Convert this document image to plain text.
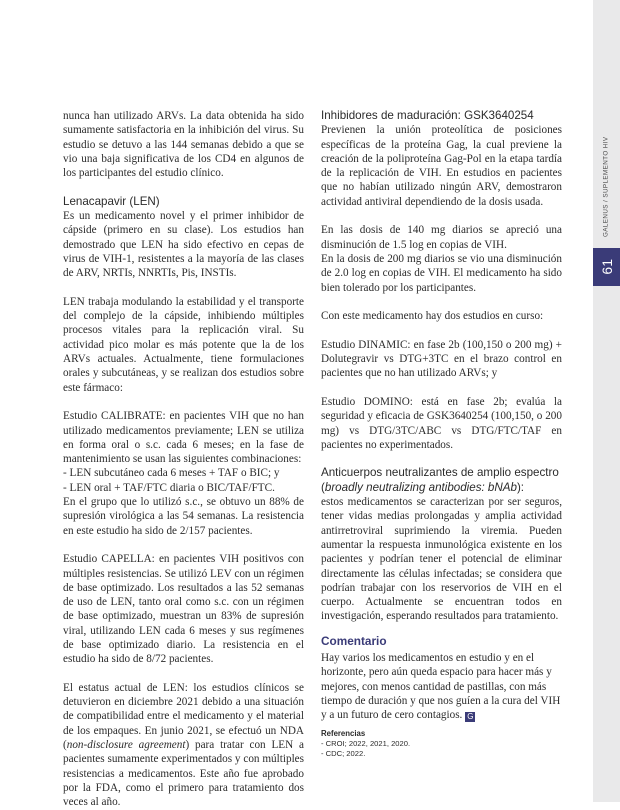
GALENUS / SUPLEMENTO HIV
61

nunca han utilizado ARVs. La data obtenida ha sido sumamente satisfactoria en la inhibición del virus. Su estudio se detuvo a las 144 semanas debido a que se vio una baja significativa de los CD4 en algunos de los participantes del estudio clínico.

Lenacapavir (LEN)

Es un medicamento novel y el primer inhibidor de cápside (primero en su clase). Los estudios han demostrado que LEN ha sido efectivo en cepas de virus de VIH-1, resistentes a la mayoría de las clases de ARV, NRTIs, NNRTIs, Pis, INSTIs.

LEN trabaja modulando la estabilidad y el transporte del complejo de la cápside, inhibiendo múltiples procesos vitales para la replicación viral. Su actividad pico molar es más potente que la de los ARVs actuales. Actualmente, tiene formulaciones orales y subcutáneas, y se realizan dos estudios sobre este fármaco:

Estudio CALIBRATE: en pacientes VIH que no han utilizado medicamentos previamente; LEN se utiliza en forma oral o s.c. cada 6 meses; en la fase de mantenimiento se usan las siguientes combinaciones:

- LEN subcutáneo cada 6 meses + TAF o BIC; y

- LEN oral + TAF/FTC diaria o BIC/TAF/FTC.

En el grupo que lo utilizó s.c., se obtuvo un 88% de supresión virológica a las 54 semanas. La resistencia en este estudio ha sido de 2/157 pacientes.

Estudio CAPELLA: en pacientes VIH positivos con múltiples resistencias. Se utilizó LEV con un régimen de base optimizado. Los resultados a las 52 semanas de uso de LEN, tanto oral como s.c. con un régimen de base optimizado, muestran un 83% de supresión viral, utilizando LEN cada 6 meses y sus regímenes de base optimizado diario. La resistencia en el estudio ha sido de 8/72 pacientes.

El estatus actual de LEN: los estudios clínicos se detuvieron en diciembre 2021 debido a una situación de compatibilidad entre el medicamento y el material de los empaques. En junio 2021, se efectuó un NDA (non-disclosure agreement) para tratar con LEN a pacientes sumamente experimentados y con múltiples resistencias a medicamentos. Este año fue aprobado por la FDA, como el primero para tratamiento dos veces al año.

Inhibidores de maduración: GSK3640254

Previenen la unión proteolítica de posiciones específicas de la proteína Gag, la cual previene la creación de la poliproteína Gag-Pol en la etapa tardía de la replicación de VIH. En estudios en pacientes que no habían utilizado ningún ARV, demostraron actividad antiviral dependiendo de la dosis usada.

En las dosis de 140 mg diarios se apreció una disminución de 1.5 log en copias de VIH.

En la dosis de 200 mg diarios se vio una disminución de 2.0 log en copias de VIH. El medicamento ha sido bien tolerado por los participantes.

Con este medicamento hay dos estudios en curso:

Estudio DINAMIC: en fase 2b (100,150 o 200 mg) + Dolutegravir vs DTG+3TC en el brazo control en pacientes que no han utilizado ARVs; y

Estudio DOMINO: está en fase 2b; evalúa la seguridad y eficacia de GSK3640254 (100,150, o 200 mg) vs DTG/3TC/ABC vs DTG/FTC/TAF en pacientes no experimentados.

Anticuerpos neutralizantes de amplio espectro
(broadly neutralizing antibodies: bNAb):

estos medicamentos se caracterizan por ser seguros, tener vidas medias prolongadas y amplia actividad antirretroviral suprimiendo la viremia. Pueden aumentar la respuesta inmunológica existente en los pacientes y podrían tener el potencial de eliminar directamente las células infectadas; se considera que podrían trabajar con los reservorios de VIH en el cuerpo. Actualmente se encuentran todos en investigación, esperando resultados para tratamiento.

Comentario

Hay varios los medicamentos en estudio y en el horizonte, pero aún queda espacio para hacer más y mejores, con menos cantidad de pastillas, con más tiempo de duración y que nos guíen a la cura del VIH y a un futuro de cero contagios. G

Referencias
- CROI; 2022, 2021, 2020.
- CDC; 2022.
